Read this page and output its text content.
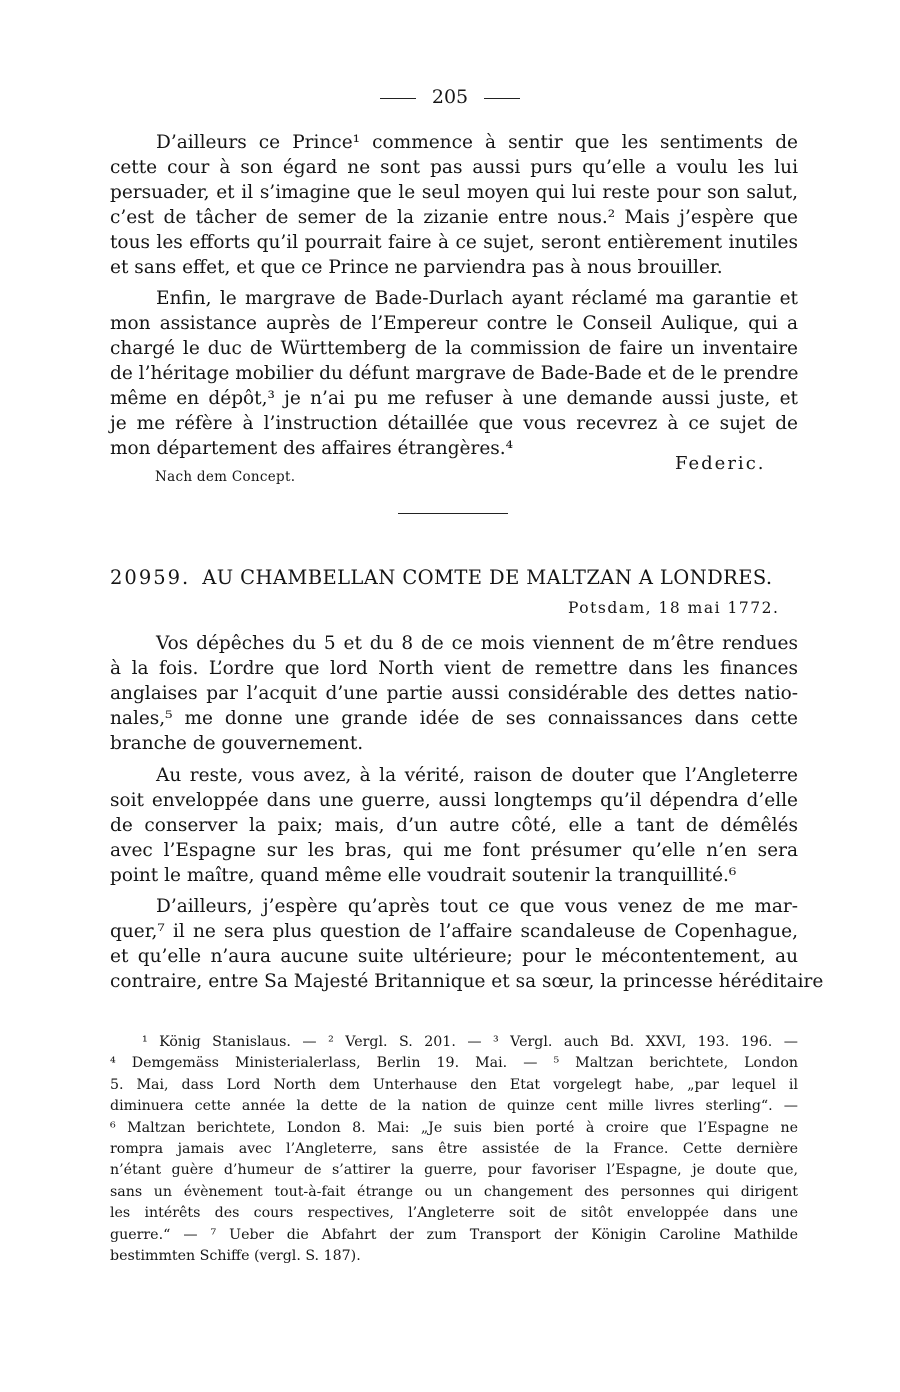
205

D’ailleurs ce Prince¹ commence à sentir que les sentiments de
cette cour à son égard ne sont pas aussi purs qu’elle a voulu les lui
persuader, et il s’imagine que le seul moyen qui lui reste pour son salut,
c’est de tâcher de semer de la zizanie entre nous.² Mais j’espère que
tous les efforts qu’il pourrait faire à ce sujet, seront entièrement inutiles
et sans effet, et que ce Prince ne parviendra pas à nous brouiller.

Enfin, le margrave de Bade-Durlach ayant réclamé ma garantie et
mon assistance auprès de l’Empereur contre le Conseil Aulique, qui a
chargé le duc de Württemberg de la commission de faire un inventaire
de l’héritage mobilier du défunt margrave de Bade-Bade et de le prendre
même en dépôt,³ je n’ai pu me refuser à une demande aussi juste, et
je me réfère à l’instruction détaillée que vous recevrez à ce sujet de
mon département des affaires étrangères.⁴

Nach dem Concept.
Federic.
20959. AU CHAMBELLAN COMTE DE MALTZAN A LONDRES.
Potsdam, 18 mai 1772.

Vos dépêches du 5 et du 8 de ce mois viennent de m’être rendues
à la fois. L’ordre que lord North vient de remettre dans les finances
anglaises par l’acquit d’une partie aussi considérable des dettes natio-
nales,⁵ me donne une grande idée de ses connaissances dans cette
branche de gouvernement.

Au reste, vous avez, à la vérité, raison de douter que l’Angleterre
soit enveloppée dans une guerre, aussi longtemps qu’il dépendra d’elle
de conserver la paix; mais, d’un autre côté, elle a tant de démêlés
avec l’Espagne sur les bras, qui me font présumer qu’elle n’en sera
point le maître, quand même elle voudrait soutenir la tranquillité.⁶

D’ailleurs, j’espère qu’après tout ce que vous venez de me mar-
quer,⁷ il ne sera plus question de l’affaire scandaleuse de Copenhague,
et qu’elle n’aura aucune suite ultérieure; pour le mécontentement, au
contraire, entre Sa Majesté Britannique et sa sœur, la princesse héréditaire

¹ König Stanislaus. — ² Vergl. S. 201. — ³ Vergl. auch Bd. XXVI, 193. 196. —
⁴ Demgemäss Ministerialerlass, Berlin 19. Mai. — ⁵ Maltzan berichtete, London
5. Mai, dass Lord North dem Unterhause den Etat vorgelegt habe, „par lequel il
diminuera cette année la dette de la nation de quinze cent mille livres sterling“. —
⁶ Maltzan berichtete, London 8. Mai: „Je suis bien porté à croire que l’Espagne ne
rompra jamais avec l’Angleterre, sans être assistée de la France. Cette dernière
n’étant guère d’humeur de s’attirer la guerre, pour favoriser l’Espagne, je doute que,
sans un évènement tout-à-fait étrange ou un changement des personnes qui dirigent
les intérêts des cours respectives, l’Angleterre soit de sitôt enveloppée dans une
guerre.“ — ⁷ Ueber die Abfahrt der zum Transport der Königin Caroline Mathilde
bestimmten Schiffe (vergl. S. 187).
